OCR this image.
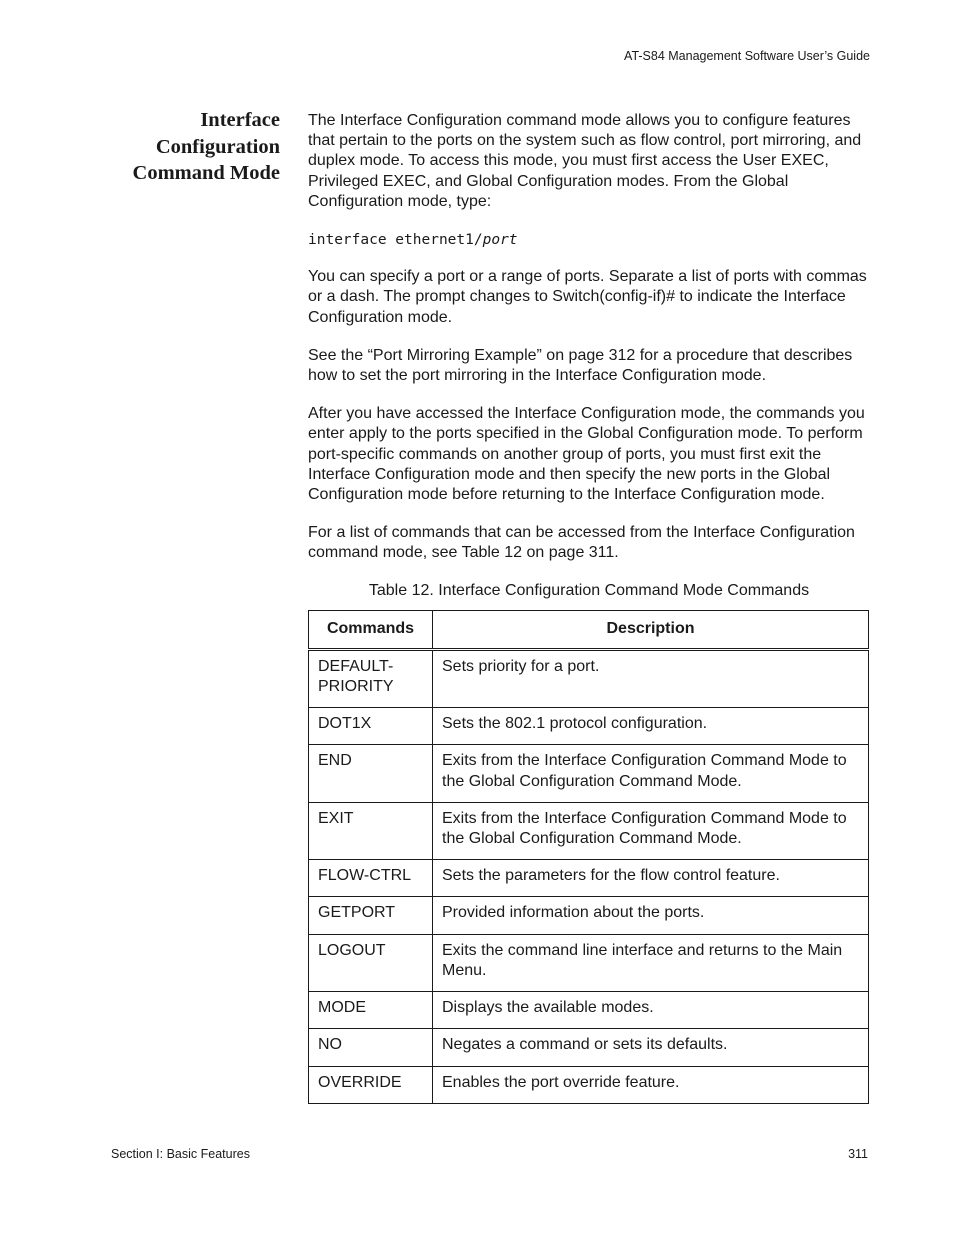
AT-S84 Management Software User’s Guide
Interface
Configuration
Command Mode

The Interface Configuration command mode allows you to configure features that pertain to the ports on the system such as flow control, port mirroring, and duplex mode. To access this mode, you must first access the User EXEC, Privileged EXEC, and Global Configuration modes. From the Global Configuration mode, type:

interface ethernet1/port

You can specify a port or a range of ports. Separate a list of ports with commas or a dash. The prompt changes to Switch(config-if)# to indicate the Interface Configuration mode.

See the “Port Mirroring Example” on page 312 for a procedure that describes how to set the port mirroring in the Interface Configuration mode.

After you have accessed the Interface Configuration mode, the commands you enter apply to the ports specified in the Global Configuration mode. To perform port-specific commands on another group of ports, you must first exit the Interface Configuration mode and then specify the new ports in the Global Configuration mode before returning to the Interface Configuration mode.

For a list of commands that can be accessed from the Interface Configuration command mode, see Table 12 on page 311.

Table 12. Interface Configuration Command Mode Commands
Commands	Description
DEFAULT-PRIORITY	Sets priority for a port.
DOT1X	Sets the 802.1 protocol configuration.
END	Exits from the Interface Configuration Command Mode to the Global Configuration Command Mode.
EXIT	Exits from the Interface Configuration Command Mode to the Global Configuration Command Mode.
FLOW-CTRL	Sets the parameters for the flow control feature.
GETPORT	Provided information about the ports.
LOGOUT	Exits the command line interface and returns to the Main Menu.
MODE	Displays the available modes.
NO	Negates a command or sets its defaults.
OVERRIDE	Enables the port override feature.
Section I: Basic Features	311
